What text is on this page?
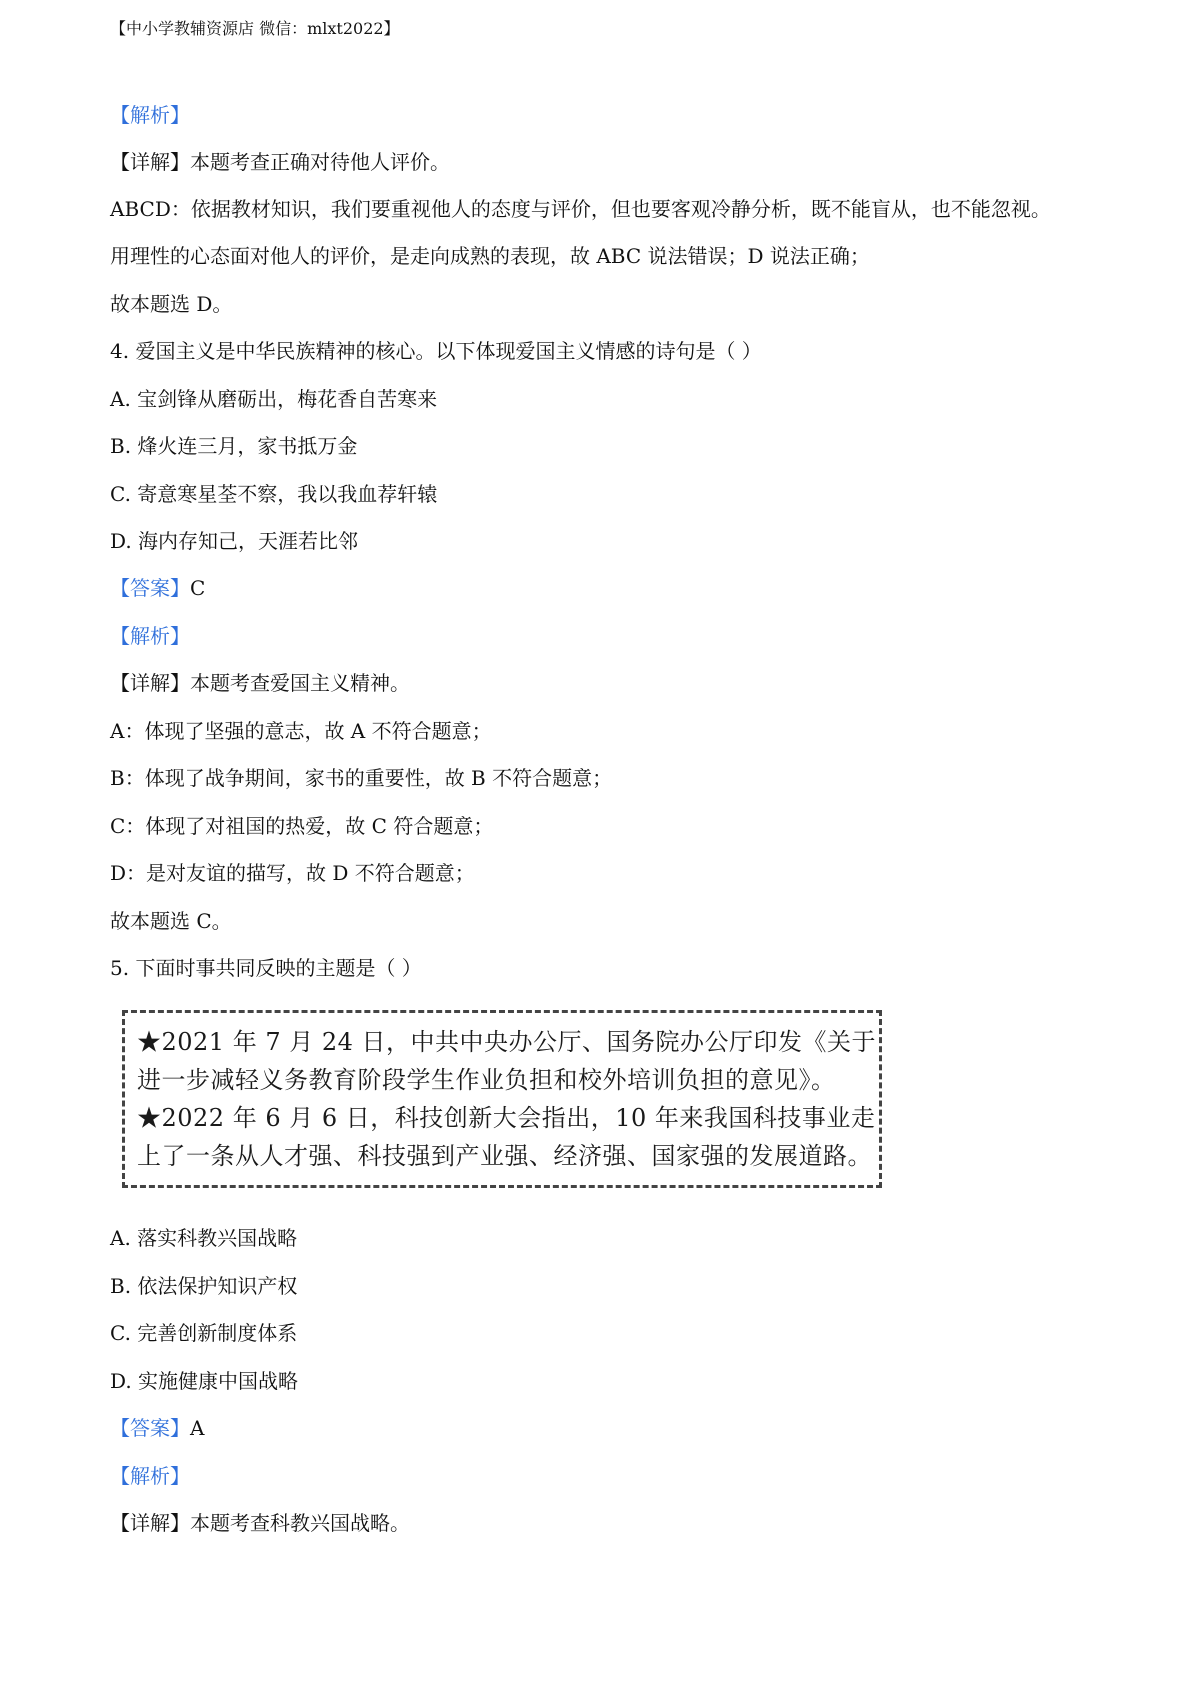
【中小学教辅资源店 微信：mlxt2022】
【解析】
【详解】本题考查正确对待他人评价。
ABCD：依据教材知识，我们要重视他人的态度与评价，但也要客观冷静分析，既不能盲从，也不能忽视。
用理性的心态面对他人的评价，是走向成熟的表现，故 ABC 说法错误；D 说法正确；
故本题选 D。
4. 爱国主义是中华民族精神的核心。以下体现爱国主义情感的诗句是（ ）
A. 宝剑锋从磨砺出，梅花香自苦寒来
B. 烽火连三月，家书抵万金
C. 寄意寒星荃不察，我以我血荐轩辕
D. 海内存知己，天涯若比邻
【答案】C
【解析】
【详解】本题考查爱国主义精神。
A：体现了坚强的意志，故 A 不符合题意；
B：体现了战争期间，家书的重要性，故 B 不符合题意；
C：体现了对祖国的热爱，故 C 符合题意；
D：是对友谊的描写，故 D 不符合题意；
故本题选 C。
5. 下面时事共同反映的主题是（ ）

★2021 年 7 月 24 日，中共中央办公厅、国务院办公厅印发《关于

进一步减轻义务教育阶段学生作业负担和校外培训负担的意见》。

★2022 年 6 月 6 日，科技创新大会指出，10 年来我国科技事业走

上了一条从人才强、科技强到产业强、经济强、国家强的发展道路。

A. 落实科教兴国战略
B. 依法保护知识产权
C. 完善创新制度体系
D. 实施健康中国战略
【答案】A
【解析】
【详解】本题考查科教兴国战略。
